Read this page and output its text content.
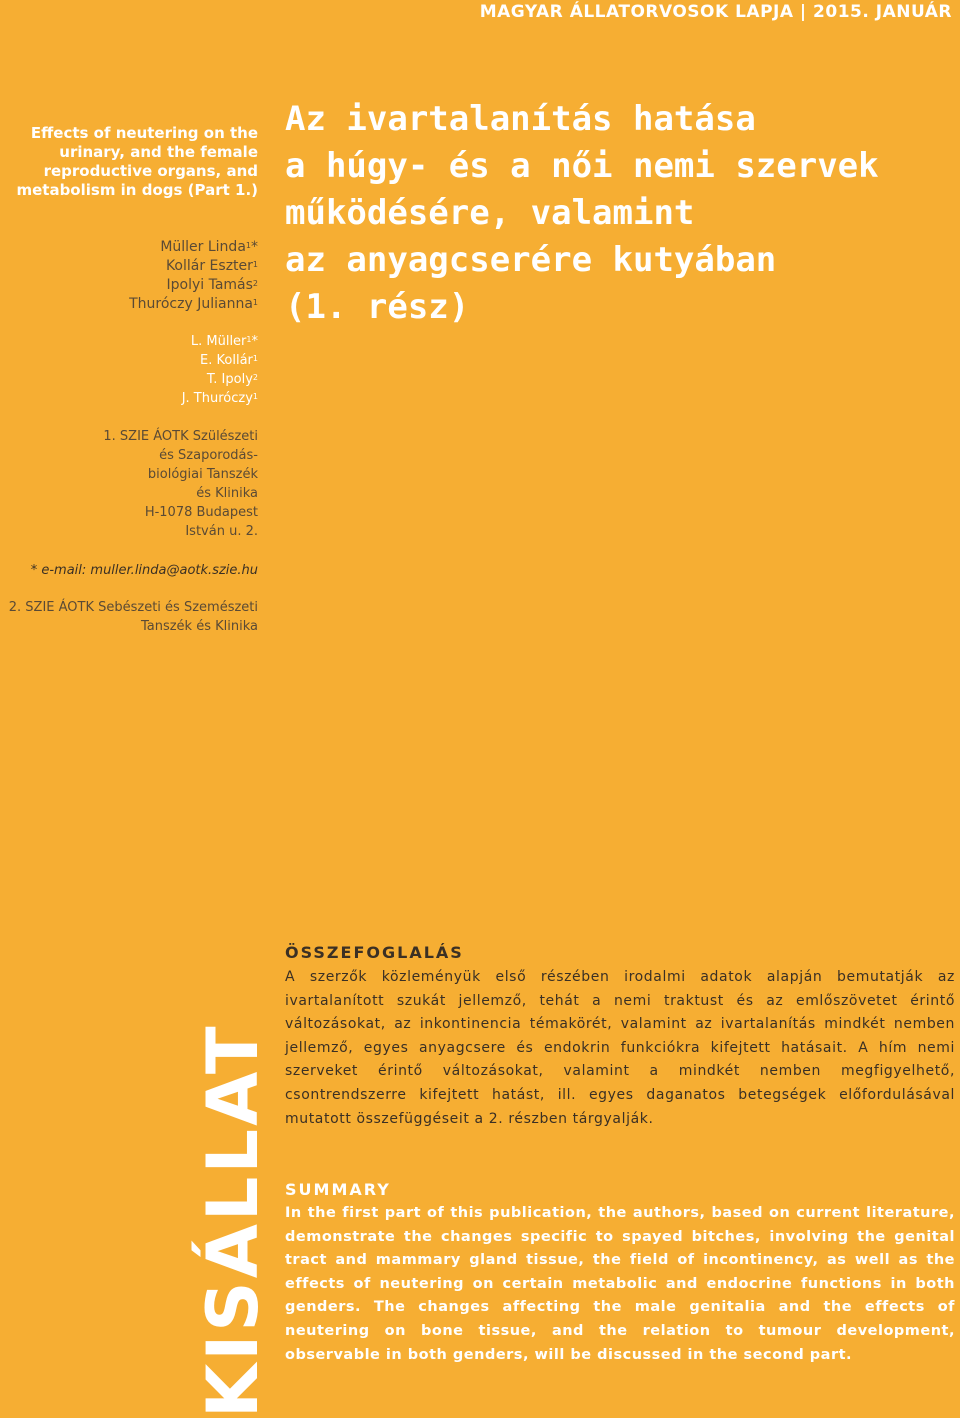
MAGYAR ÁLLATORVOSOK LAPJA | 2015. JANUÁR
Effects of neutering on the urinary, and the female reproductive organs, and metabolism in dogs (Part 1.)
Müller Linda$^1$*
Kollár Eszter$^1$
Ipolyi Tamás$^2$
Thuróczy Julianna$^1$
L. Müller$^1$*
E. Kollár$^1$
T. Ipoly$^2$
J. Thuróczy$^1$
1. SZIE ÁOTK Szülészeti
és Szaporodás-
biológiai Tanszék
és Klinika
H-1078 Budapest
István u. 2.
* e-mail: muller.linda@aotk.szie.hu
2. SZIE ÁOTK Sebészeti és Szemészeti
Tanszék és Klinika
Az ivartalanítás hatása
a húgy- és a női nemi szervek
működésére, valamint
az anyagcserére kutyában
(1. rész)
KISÁLLAT
ÖSSZEFOGLALÁS
A szerzők közleményük első részében irodalmi adatok alapján bemutatják az ivartalanított szukát jellemző, tehát a nemi traktust és az emlőszövetet érintő változásokat, az inkontinencia témakörét, valamint az ivartalanítás mindkét nemben jellemző, egyes anyagcsere és endokrin funkciókra kifejtett hatásait. A hím nemi szerveket érintő változásokat, valamint a mindkét nemben megfigyelhető, csontrendszerre kifejtett hatást, ill. egyes daganatos betegségek előfordulásával mutatott összefüggéseit a 2. részben tárgyalják.
SUMMARY
In the first part of this publication, the authors, based on current literature, demonstrate the changes specific to spayed bitches, involving the genital tract and mammary gland tissue, the field of incontinency, as well as the effects of neutering on certain metabolic and endocrine functions in both genders. The changes affecting the male genitalia and the effects of neutering on bone tissue, and the relation to tumour development, observable in both genders, will be discussed in the second part.
